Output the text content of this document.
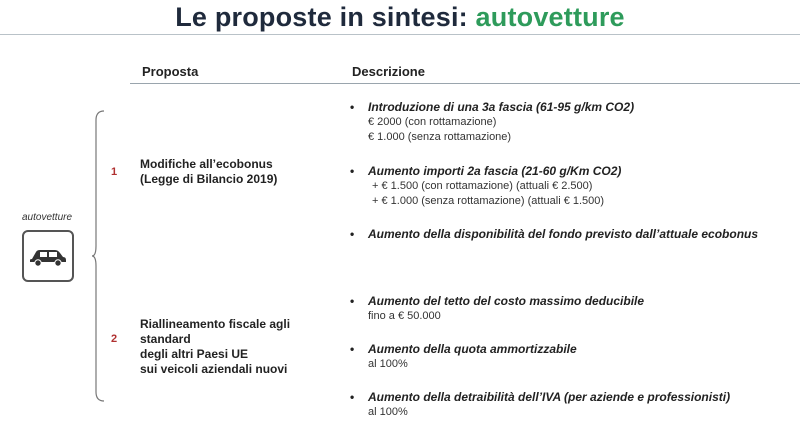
Le proposte in sintesi: autovetture
Proposta	Descrizione
autovetture
1
Modifiche all’ecobonus
(Legge di Bilancio 2019)
• Introduzione di una 3a fascia (61-95 g/km CO2)
€ 2000 (con rottamazione)
€ 1.000 (senza rottamazione)
• Aumento importi 2a fascia (21-60 g/Km CO2)
+ € 1.500 (con rottamazione) (attuali € 2.500)
+ € 1.000 (senza rottamazione) (attuali € 1.500)
• Aumento della disponibilità del fondo previsto dall’attuale ecobonus
2
Riallineamento fiscale agli
standard
degli altri Paesi UE
sui veicoli aziendali nuovi
• Aumento del tetto del costo massimo deducibile
fino a € 50.000
• Aumento della quota ammortizzabile
al 100%
• Aumento della detraibilità dell’IVA (per aziende e professionisti)
al 100%
